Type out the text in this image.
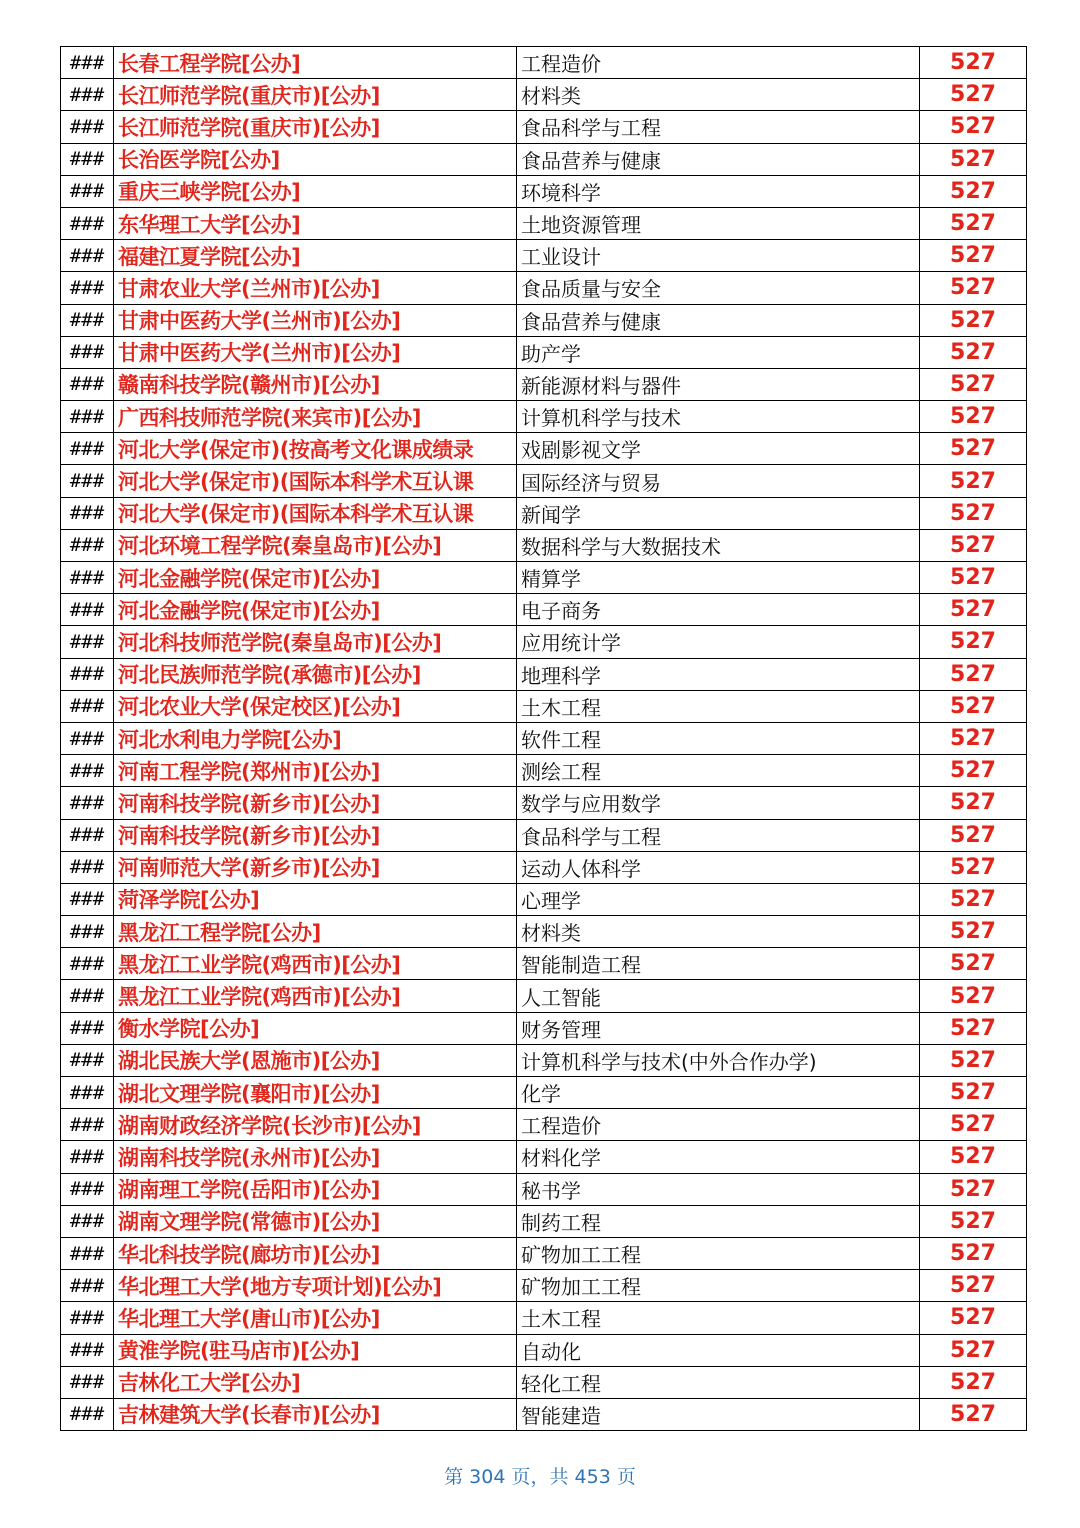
###	长春工程学院[公办]	工程造价	527
###	长江师范学院(重庆市)[公办]	材料类	527
###	长江师范学院(重庆市)[公办]	食品科学与工程	527
###	长治医学院[公办]	食品营养与健康	527
###	重庆三峡学院[公办]	环境科学	527
###	东华理工大学[公办]	土地资源管理	527
###	福建江夏学院[公办]	工业设计	527
###	甘肃农业大学(兰州市)[公办]	食品质量与安全	527
###	甘肃中医药大学(兰州市)[公办]	食品营养与健康	527
###	甘肃中医药大学(兰州市)[公办]	助产学	527
###	赣南科技学院(赣州市)[公办]	新能源材料与器件	527
###	广西科技师范学院(来宾市)[公办]	计算机科学与技术	527
###	河北大学(保定市)(按高考文化课成绩录	戏剧影视文学	527
###	河北大学(保定市)(国际本科学术互认课	国际经济与贸易	527
###	河北大学(保定市)(国际本科学术互认课	新闻学	527
###	河北环境工程学院(秦皇岛市)[公办]	数据科学与大数据技术	527
###	河北金融学院(保定市)[公办]	精算学	527
###	河北金融学院(保定市)[公办]	电子商务	527
###	河北科技师范学院(秦皇岛市)[公办]	应用统计学	527
###	河北民族师范学院(承德市)[公办]	地理科学	527
###	河北农业大学(保定校区)[公办]	土木工程	527
###	河北水利电力学院[公办]	软件工程	527
###	河南工程学院(郑州市)[公办]	测绘工程	527
###	河南科技学院(新乡市)[公办]	数学与应用数学	527
###	河南科技学院(新乡市)[公办]	食品科学与工程	527
###	河南师范大学(新乡市)[公办]	运动人体科学	527
###	菏泽学院[公办]	心理学	527
###	黑龙江工程学院[公办]	材料类	527
###	黑龙江工业学院(鸡西市)[公办]	智能制造工程	527
###	黑龙江工业学院(鸡西市)[公办]	人工智能	527
###	衡水学院[公办]	财务管理	527
###	湖北民族大学(恩施市)[公办]	计算机科学与技术(中外合作办学)	527
###	湖北文理学院(襄阳市)[公办]	化学	527
###	湖南财政经济学院(长沙市)[公办]	工程造价	527
###	湖南科技学院(永州市)[公办]	材料化学	527
###	湖南理工学院(岳阳市)[公办]	秘书学	527
###	湖南文理学院(常德市)[公办]	制药工程	527
###	华北科技学院(廊坊市)[公办]	矿物加工工程	527
###	华北理工大学(地方专项计划)[公办]	矿物加工工程	527
###	华北理工大学(唐山市)[公办]	土木工程	527
###	黄淮学院(驻马店市)[公办]	自动化	527
###	吉林化工大学[公办]	轻化工程	527
###	吉林建筑大学(长春市)[公办]	智能建造	527
第 304 页，共 453 页
